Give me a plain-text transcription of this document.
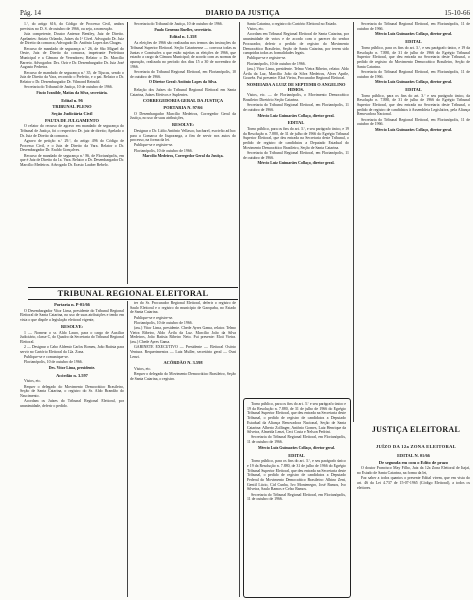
Pág. 14	DIARIO DA JUSTIÇA	15-10-66

1.º, do artigo 616, do Código de Processo Civil, ambos previstos no D. S. de outubro de 1966, ou seja, a nomeação.

Juiz competente, Doutor Antenor Bentley, Juiz de Direito. Apelantes: Anizio Orlando, Juízes da 1ª Cível. Advogado Dr. Juiz de Direito da comarca; Advogado Dr. Antônio Lopes das Chagas.

Recurso de mandado de segurança n.º 26, de São Miguel do Oeste, Juiz de Direito da comarca, impetrante Prefeitura Municipal e a Câmara de Vereadores; Relator o Dr. Marcílio Barreto. Advogados: Drs. Ozir e Dr. Desembargador Dr. Juiz José Augusto Pedreira.

Recurso de mandado de segurança n.º 35, de Tijucas, sendo o Juiz de Direito da Vara, recorrido o Prefeito, e o pai. Relator o Dr. Relator o Dr. Desembargador Dr. Vilmond Reinold.

Secretaria do Tribunal de Justiça, 10 de outubro de 1966.

Fiscio Ivanilde, Matias da Silva, secretária.

Edital n. 96

TRIBUNAL PLENO

Seção Judiciária Civil

PAUTA DE JULGAMENTO

O relator do recurso de agravo em mandado de segurança do Tribunal de Justiça, foi o respectivo Dr. juiz de direito; Apelado o Dr. Juiz de Direito da comarca.

Agravo de petição n.º 29.º, do artigo 496 do Código de Processo Civil, e o Juiz de Direito da Vara. Relator o Dr. Desembargador Dr. Eraldo Gonçalves.

Recurso de mandado de segurança n.º 86, de Florianópolis, em que é Juiz de Direito da 1a. Vara. Relator o Dr. Desembargador Dr. Marcílio Medeiros. Advogado Dr. Erasto Lauber Rebelo.

Secretaria do Tribunal de Justiça, 10 de outubro de 1966.

Paulo Genenzo Ruelles, secretário.

Edital n. 1.358

As eleições de 1966 são realizadas nos termos das instruções do Tribunal Superior Eleitoral. Seção Catarinense — convoca todas as Juntas e Comissões a que estão sujeitas as eleições de 1966, que estarão a cargo da Câmara Municipal; de acordo com as normas de apuração, realizada no período dos dias 15 a 30 de novembro de 1966.

Secretaria do Tribunal Regional Eleitoral, em Florianópolis, 10 de outubro de 1966.

O Diretor Geral: Antônio Lopes da Silva.

Relação dos Juízes do Tribunal Regional Eleitoral em Santa Catarina, Juízes Efetivos e Suplentes.

CORREGEDORIA GERAL DA JUSTIÇA

PORTARIA N. 97/66

O Desembargador Marcílio Medeiros, Corregedor Geral da Justiça, no uso de suas atribuições,

RESOLVE:

Designar o Dr. Lídio Antônio Vellasco, bacharel, escrivão ad hoc para a Comarca de Ituporanga, a fim de servir nos autos do processo, na forma da lei.

Publique-se e registre-se.

Florianópolis, 10 de outubro de 1966.

Marcílio Medeiros, Corregedor Geral da Justiça.

Santa Catarina, o registro do Cartório Eleitoral no Estado.

Vistos, etc.

Acordam em Tribunal Regional Eleitoral de Santa Catarina, por unanimidade de votos e de acordo com o parecer do senhor Procurador, deferir o pedido de registro do Movimento Democrático Brasileiro, Seção de Santa Catarina, por terem sido cumpridas todas as formalidades legais.

Publique-se e registre-se.

Florianópolis, 10 de outubro de 1966.

(ass.) Vitor Lima, presidente. Telmo Vieira Ribeiro, relator. Aldo Ávila da Luz, Marcílio João da Silva Medeiros, Alves Aprile, Gouvêa. Fui presente: Eloá Vieira, Procurador Regional Eleitoral.

NOMEIADA A LUIZ DE SEPTEMB O ANGELINO HIMOS.

Vistos, etc. — de Florianópolis, o Movimento Democrático Brasileiro Diretório Seção Catarina.

Secretaria do Tribunal Regional Eleitoral, em Florianópolis, 11 de outubro de 1966.

Mércio Luiz Guimarães Collaço, diretor geral.

EDITAL

Torno público, para os fins do art. 3.º, e seu parágrafo único, e 19 da Resolução n. 7.880, de 31 de julho de 1966 do Egrégio Tribunal Superior Eleitoral, que deu entrada na Secretaria deste Tribunal, o pedido de registro de candidatos a Deputado Estadual do Movimento Democrático Brasileiro, Seção de Santa Catarina.

Secretaria do Tribunal Regional Eleitoral, em Florianópolis, 11 de outubro de 1966.

Mércio Luiz Guimarães Collaço, diretor geral.

Secretaria do Tribunal Regional Eleitoral, em Florianópolis, 11 de outubro de 1966.

Mércio Luiz Guimarães Collaço, diretor geral.

EDITAL

Torno público, para os fins do art. 3.º, e seu parágrafo único, e 19 da Resolução n. 7.880, de 31 de julho de 1966 do Egrégio Tribunal Superior Eleitoral, que deu entrada na Secretaria deste Tribunal, o pedido de registro do Movimento Democrático Brasileiro, Seção de Santa Catarina.

Secretaria do Tribunal Regional Eleitoral, em Florianópolis, 11 de outubro de 1966.

Mércio Luiz Guimarães Collaço, diretor geral.

EDITAL

Torno público, para os fins do art. 3.º e seu parágrafo único, da Resolução n. 7.880, de 31 de julho de 1966 do Egrégio Tribunal Superior Eleitoral, que deu entrada na Secretaria deste Tribunal, o pedido de registro de candidatos à Assembleia Legislativa, pela Aliança Renovadora Nacional.

Secretaria do Tribunal Regional Eleitoral, em Florianópolis, 11 de outubro de 1966.

Mércio Luiz Guimarães Collaço, diretor geral.

TRIBUNAL REGIONAL ELEITORAL

Portaria n. P-01/66

O Desembargador Vitor Lima, presidente do Tribunal Regional Eleitoral de Santa Catarina, no uso de suas atribuições e tendo em vista o que dispõe a legislação eleitoral vigente,

RESOLVE:

1 — Nomear o sr. Aldo Lauro, para o cargo de Auxiliar Judiciário, classe C, do Quadro da Secretaria do Tribunal Regional Eleitoral.

2 — Designar o Cabo Aldemir Carlos Romeu, João Batista para servir no Cartório Eleitoral da 12a. Zona.

Publique-se e comunique-se.

Florianópolis, 10 de outubro de 1966.

Des. Vitor Lima, presidente.

Acórdão n. 3.597

Vistos, etc.

Requer o delegado do Movimento Democrático Brasileiro, Seção de Santa Catarina, o registro do Sr. Aldo Brandão do Nascimento.

Acordam os Juízes do Tribunal Regional Eleitoral, por unanimidade, deferir o pedido.

ter do Sr. Procurador Regional Eleitoral, deferir o registro de Saulo Eleitoral e o registro do município de Garopaba, no Estado de Santa Catarina.

Publique-se e registre-se.

Florianópolis, 10 de outubro de 1966.

(ass.) Vitor Lima, presidente. Chede Ayres Gama, relator. Telmo Vieira Ribeiro, Aldo Ávila da Luz. Marcílio João da Silva Medeiros, João Batista Ribeiro Neto. Fui presente: Eloá Vieira. (ass.) Chede Ayres Gama.

GABINETE EXECUTIVO — Presidente — Eleitoral Osório Ventura. Requerimentos — Luiz Muller, secretário geral — Osni Lenzi.

ACÓRDÃO N. 3.598

Vistos, etc.

Requer o delegado do Movimento Democrático Brasileiro, Seção de Santa Catarina, o registro.

Torno público, para os fins do art. 3.º e seu parágrafo único e 19 da Resolução n. 7.880, de 31 de julho de 1966 do Egrégio Tribunal Superior Eleitoral, que deu entrada na Secretaria deste Tribunal, o pedido de registro de candidatos a Deputado Estadual da Aliança Renovadora Nacional, Seção de Santa Catarina: Alberto Zollinger, Antônio Gomes, Luiz Henrique da Silveira, Almeida Lenzi, Ceci Costa e Nelson Pedrini.

Secretaria do Tribunal Regional Eleitoral, em Florianópolis, 11 de outubro de 1966.

Mércio Luiz Guimarães Collaço, diretor geral.

EDITAL

Torno público, para os fins do art. 3.º, e seu parágrafo único e 19 da Resolução n. 7.880, de 31 de julho de 1966 do Egrégio Tribunal Superior Eleitoral, que deu entrada na Secretaria deste Tribunal, o pedido de registro de candidatos a Deputado Federal do Movimento Democrático Brasileiro: Albino Zeni, Gentil Lúcio, Cid Cunha, Ivo Montenegro, José Ramos, Ivo Silveira, Saulo Ramos e Celso Ramos.

Secretaria do Tribunal Regional Eleitoral, em Florianópolis, 11 de outubro de 1966.

JUSTIÇA ELEITORAL
JUÍZO DA 12a ZONA ELEITORAL

EDITAL N. 01/66

De segunda em com o Edito de prazo

O doutor Francisco May Filho, Juiz da 12a Zona Eleitoral de Itajaí, no Estado de Santa Catarina, na forma da lei,

Faz saber a todos quantos o presente Edital virem, que em vista do art. 46 da Lei 4.737 de 15-07-1965 (Código Eleitoral), a todos os eleitores.
